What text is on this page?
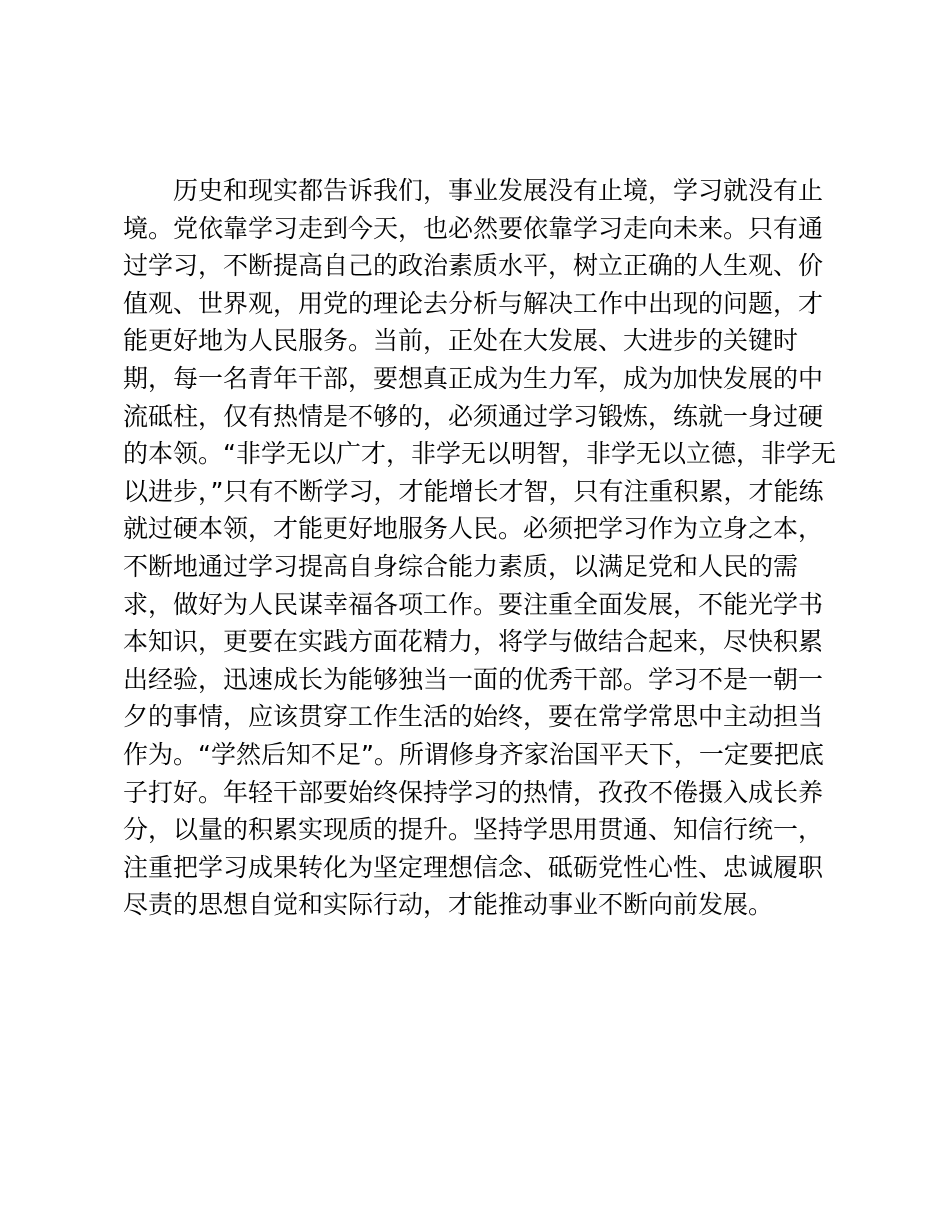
历史和现实都告诉我们，事业发展没有止境，学习就没有止
境。党依靠学习走到今天，也必然要依靠学习走向未来。只有通
过学习，不断提高自己的政治素质水平，树立正确的人生观、价
值观、世界观，用党的理论去分析与解决工作中出现的问题，才
能更好地为人民服务。当前，正处在大发展、大进步的关键时
期，每一名青年干部，要想真正成为生力军，成为加快发展的中
流砥柱，仅有热情是不够的，必须通过学习锻炼，练就一身过硬
的本领。“非学无以广才，非学无以明智，非学无以立德，非学无
以进步，”只有不断学习，才能增长才智，只有注重积累，才能练
就过硬本领，才能更好地服务人民。必须把学习作为立身之本，
不断地通过学习提高自身综合能力素质，以满足党和人民的需
求，做好为人民谋幸福各项工作。要注重全面发展，不能光学书
本知识，更要在实践方面花精力，将学与做结合起来，尽快积累
出经验，迅速成长为能够独当一面的优秀干部。学习不是一朝一
夕的事情，应该贯穿工作生活的始终，要在常学常思中主动担当
作为。“学然后知不足”。所谓修身齐家治国平天下，一定要把底
子打好。年轻干部要始终保持学习的热情，孜孜不倦摄入成长养
分，以量的积累实现质的提升。坚持学思用贯通、知信行统一，
注重把学习成果转化为坚定理想信念、砥砺党性心性、忠诚履职
尽责的思想自觉和实际行动，才能推动事业不断向前发展。
